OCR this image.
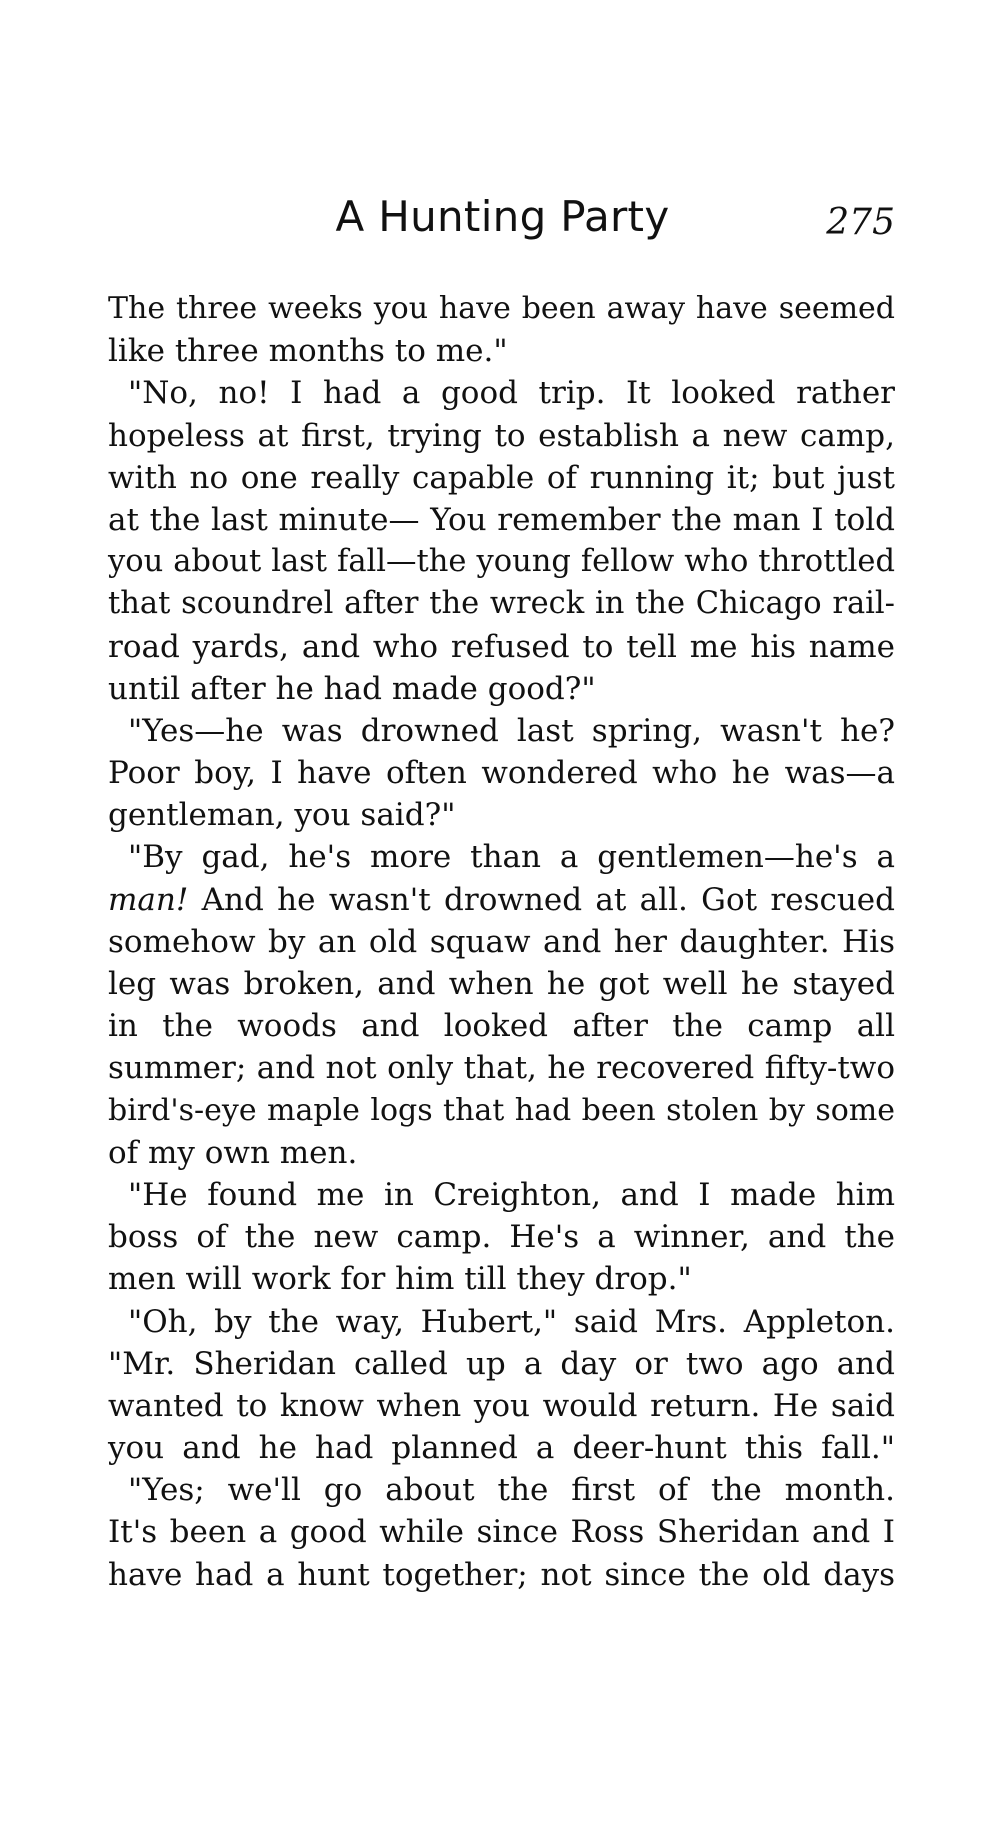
A Hunting Party	275
The three weeks you have been away have seemed
like three months to me."
"No, no! I had a good trip. It looked rather
hopeless at first, trying to establish a new camp,
with no one really capable of running it; but just
at the last minute— You remember the man I told
you about last fall—the young fellow who throttled
that scoundrel after the wreck in the Chicago rail-
road yards, and who refused to tell me his name
until after he had made good?"
"Yes—he was drowned last spring, wasn't he?
Poor boy, I have often wondered who he was—a
gentleman, you said?"
"By gad, he's more than a gentlemen—he's a
man! And he wasn't drowned at all. Got rescued
somehow by an old squaw and her daughter. His
leg was broken, and when he got well he stayed
in the woods and looked after the camp all
summer; and not only that, he recovered fifty-two
bird's-eye maple logs that had been stolen by some
of my own men.
"He found me in Creighton, and I made him
boss of the new camp. He's a winner, and the
men will work for him till they drop."
"Oh, by the way, Hubert," said Mrs. Appleton.
"Mr. Sheridan called up a day or two ago and
wanted to know when you would return. He said
you and he had planned a deer-hunt this fall."
"Yes; we'll go about the first of the month.
It's been a good while since Ross Sheridan and I
have had a hunt together; not since the old days
